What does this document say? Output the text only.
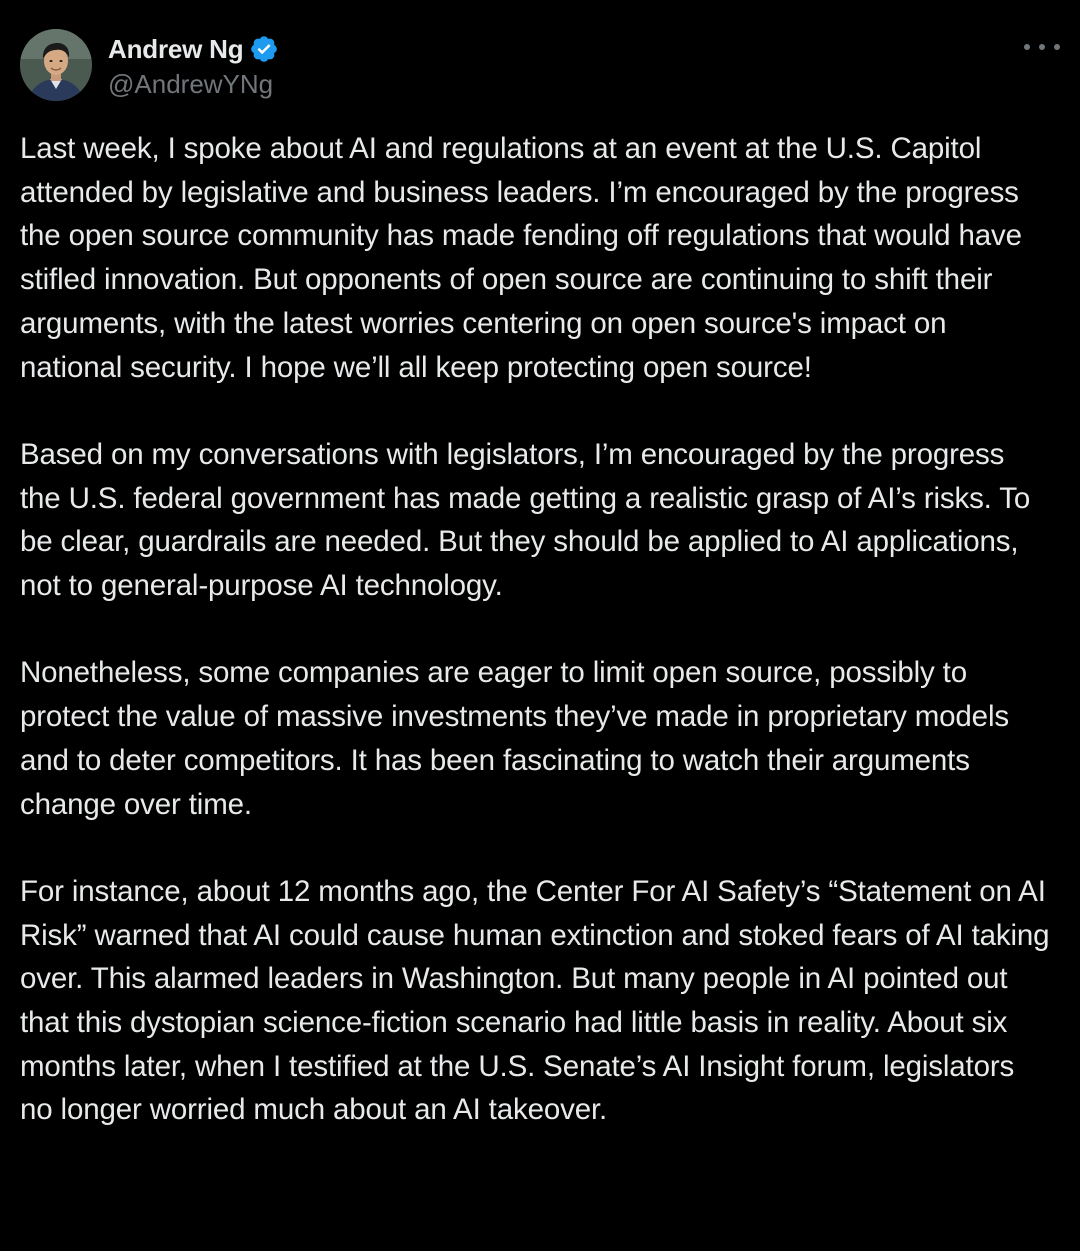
Andrew Ng
@AndrewYNg

Last week, I spoke about AI and regulations at an event at the U.S. Capitol attended by legislative and business leaders. I’m encouraged by the progress the open source community has made fending off regulations that would have stifled innovation. But opponents of open source are continuing to shift their arguments, with the latest worries centering on open source's impact on national security. I hope we’ll all keep protecting open source!

Based on my conversations with legislators, I’m encouraged by the progress the U.S. federal government has made getting a realistic grasp of AI’s risks. To be clear, guardrails are needed. But they should be applied to AI applications, not to general-purpose AI technology.

Nonetheless, some companies are eager to limit open source, possibly to protect the value of massive investments they’ve made in proprietary models and to deter competitors. It has been fascinating to watch their arguments change over time.

For instance, about 12 months ago, the Center For AI Safety’s “Statement on AI Risk” warned that AI could cause human extinction and stoked fears of AI taking over. This alarmed leaders in Washington. But many people in AI pointed out that this dystopian science-fiction scenario had little basis in reality. About six months later, when I testified at the U.S. Senate’s AI Insight forum, legislators no longer worried much about an AI takeover.
